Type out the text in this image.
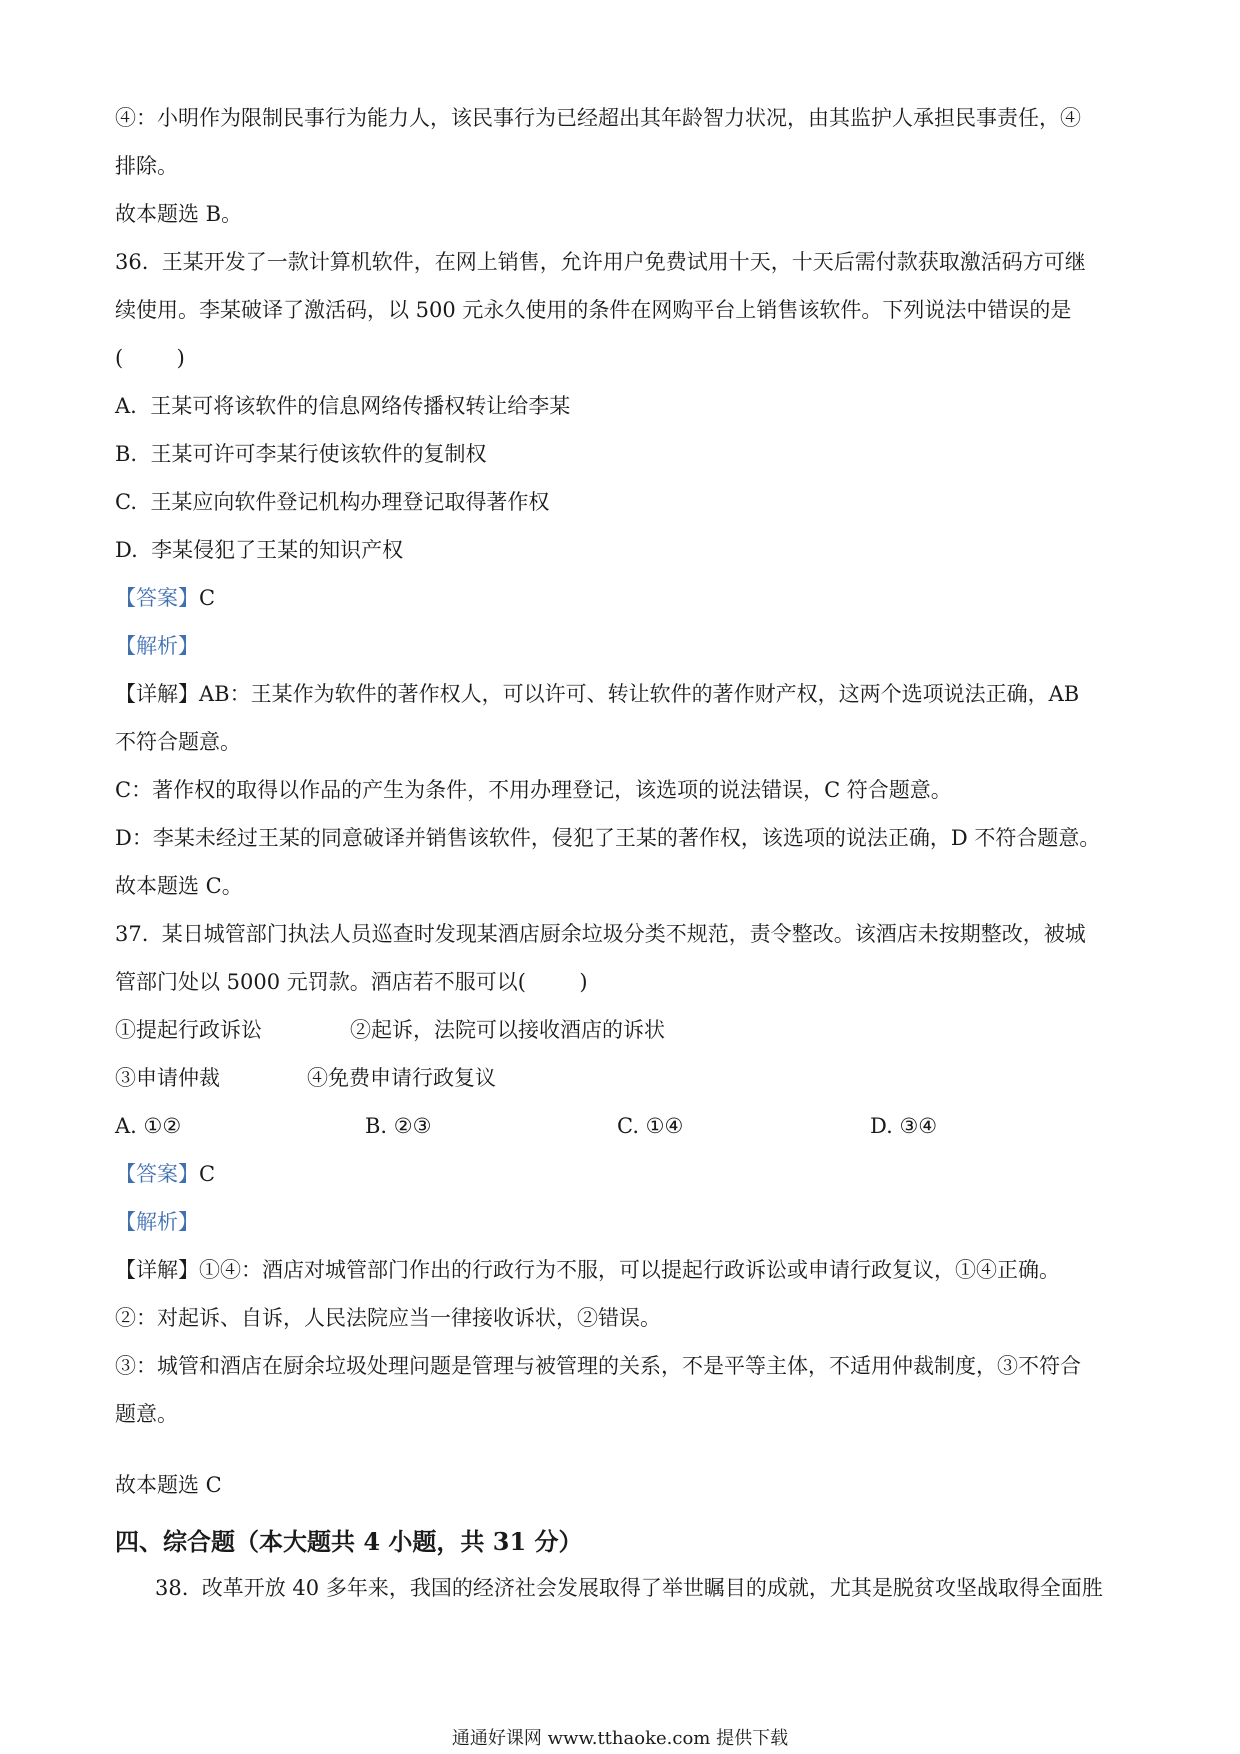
④：小明作为限制民事行为能力人，该民事行为已经超出其年龄智力状况，由其监护人承担民事责任，④
排除。
故本题选 B。
36.  王某开发了一款计算机软件，在网上销售，允许用户免费试用十天，十天后需付款获取激活码方可继
续使用。李某破译了激活码，以 500 元永久使用的条件在网购平台上销售该软件。下列说法中错误的是
(        )
A.  王某可将该软件的信息网络传播权转让给李某
B.  王某可许可李某行使该软件的复制权
C.  王某应向软件登记机构办理登记取得著作权
D.  李某侵犯了王某的知识产权
【答案】C
【解析】
【详解】AB：王某作为软件的著作权人，可以许可、转让软件的著作财产权，这两个选项说法正确，AB
不符合题意。
C：著作权的取得以作品的产生为条件，不用办理登记，该选项的说法错误，C 符合题意。
D：李某未经过王某的同意破译并销售该软件，侵犯了王某的著作权，该选项的说法正确，D 不符合题意。
故本题选 C。
37.  某日城管部门执法人员巡查时发现某酒店厨余垃圾分类不规范，责令整改。该酒店未按期整改，被城
管部门处以 5000 元罚款。酒店若不服可以(        )
①提起行政诉讼	②起诉，法院可以接收酒店的诉状
③申请仲裁	④免费申请行政复议
A. ①②	B. ②③	C. ①④	D. ③④
【答案】C
【解析】
【详解】①④：酒店对城管部门作出的行政行为不服，可以提起行政诉讼或申请行政复议，①④正确。
②：对起诉、自诉，人民法院应当一律接收诉状，②错误。
③：城管和酒店在厨余垃圾处理问题是管理与被管理的关系，不是平等主体，不适用仲裁制度，③不符合
题意。
故本题选 C
四、综合题（本大题共 4 小题，共 31 分）
38.  改革开放 40 多年来，我国的经济社会发展取得了举世瞩目的成就，尤其是脱贫攻坚战取得全面胜
通通好课网 www.tthaoke.com 提供下载
